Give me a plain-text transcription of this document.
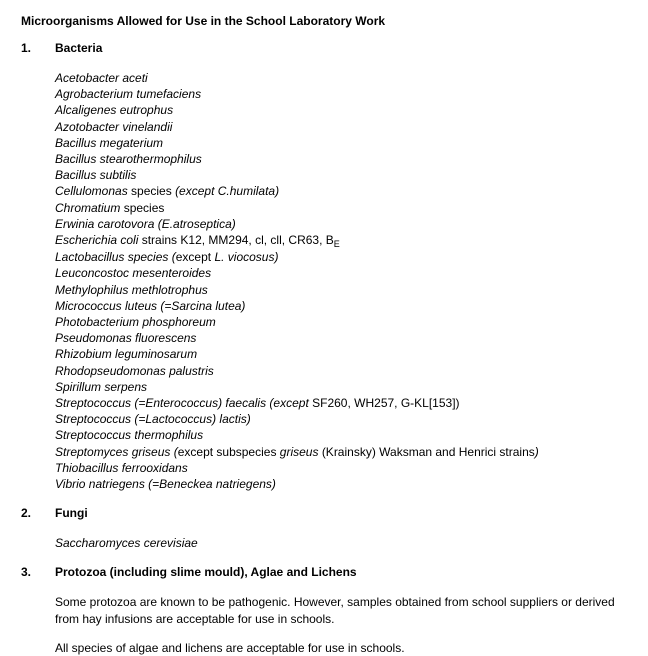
Microorganisms Allowed for Use in the School Laboratory Work
1.	Bacteria
Acetobacter aceti
Agrobacterium tumefaciens
Alcaligenes eutrophus
Azotobacter vinelandii
Bacillus megaterium
Bacillus stearothermophilus
Bacillus subtilis
Cellulomonas species (except C.humilata)
Chromatium species
Erwinia carotovora (E.atroseptica)
Escherichia coli strains K12, MM294, cl, cll, CR63, $B_E$
Lactobacillus species (except L. viocosus)
Leuconcostoc mesenteroides
Methylophilus methlotrophus
Micrococcus luteus (=Sarcina lutea)
Photobacterium phosphoreum
Pseudomonas fluorescens
Rhizobium leguminosarum
Rhodopseudomonas palustris
Spirillum serpens
Streptococcus (=Enterococcus) faecalis (except SF260, WH257, G-KL[153])
Streptococcus (=Lactococcus) lactis)
Streptococcus thermophilus
Streptomyces griseus (except subspecies griseus (Krainsky) Waksman and Henrici strains)
Thiobacillus ferrooxidans
Vibrio natriegens (=Beneckea natriegens)
2.	Fungi
Saccharomyces cerevisiae
3.	Protozoa (including slime mould), Aglae and Lichens

Some protozoa are known to be pathogenic. However, samples obtained from school suppliers or derived from hay infusions are acceptable for use in schools.

All species of algae and lichens are acceptable for use in schools.
